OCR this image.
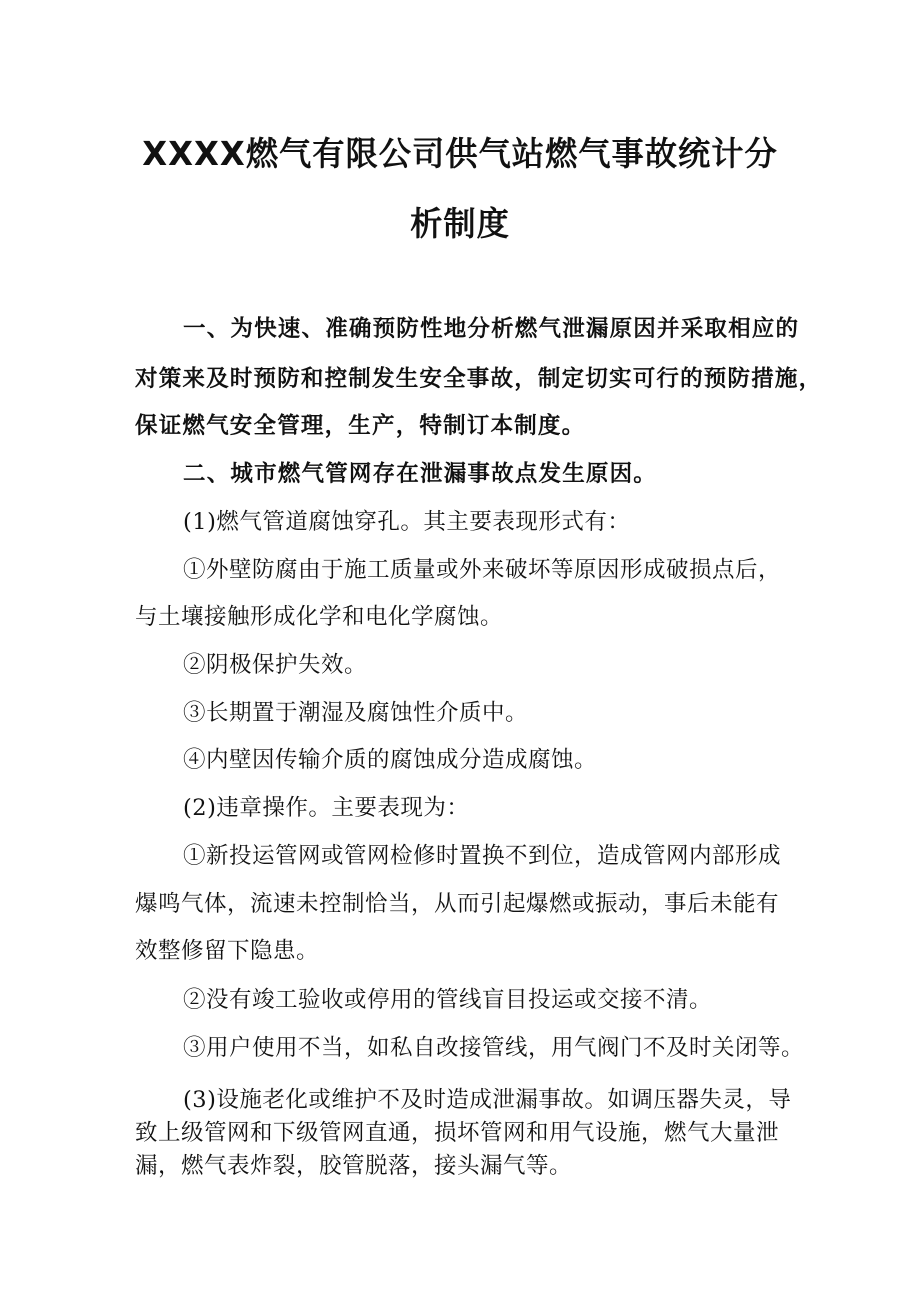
XXXX燃气有限公司供气站燃气事故统计分
析制度
一、为快速、准确预防性地分析燃气泄漏原因并采取相应的
对策来及时预防和控制发生安全事故，制定切实可行的预防措施，
保证燃气安全管理，生产，特制订本制度。
二、城市燃气管网存在泄漏事故点发生原因。
(1)燃气管道腐蚀穿孔。其主要表现形式有：
①外壁防腐由于施工质量或外来破坏等原因形成破损点后，
与土壤接触形成化学和电化学腐蚀。
②阴极保护失效。
③长期置于潮湿及腐蚀性介质中。
④内壁因传输介质的腐蚀成分造成腐蚀。
(2)违章操作。主要表现为：
①新投运管网或管网检修时置换不到位，造成管网内部形成
爆鸣气体，流速未控制恰当，从而引起爆燃或振动，事后未能有
效整修留下隐患。
②没有竣工验收或停用的管线盲目投运或交接不清。
③用户使用不当，如私自改接管线，用气阀门不及时关闭等。
(3)设施老化或维护不及时造成泄漏事故。如调压器失灵，导
致上级管网和下级管网直通，损坏管网和用气设施，燃气大量泄
漏，燃气表炸裂，胶管脱落，接头漏气等。
